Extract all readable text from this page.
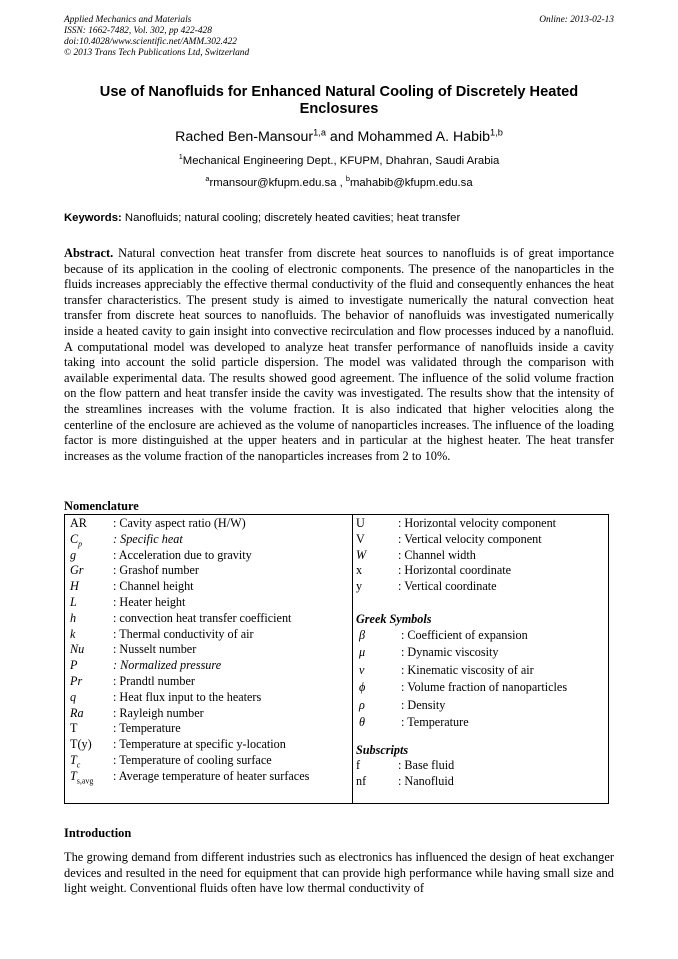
Applied Mechanics and Materials
ISSN: 1662-7482, Vol. 302, pp 422-428
doi:10.4028/www.scientific.net/AMM.302.422
© 2013 Trans Tech Publications Ltd, Switzerland
Online: 2013-02-13
Use of Nanofluids for Enhanced Natural Cooling of Discretely Heated Enclosures
Rached Ben-Mansour$^{1,a}$ and Mohammed A. Habib$^{1,b}$
$^1$Mechanical Engineering Dept., KFUPM, Dhahran, Saudi Arabia
$^a$rmansour@kfupm.edu.sa , $^b$mahabib@kfupm.edu.sa
Keywords: Nanofluids; natural cooling; discretely heated cavities; heat transfer

Abstract. Natural convection heat transfer from discrete heat sources to nanofluids is of great importance because of its application in the cooling of electronic components. The presence of the nanoparticles in the fluids increases appreciably the effective thermal conductivity of the fluid and consequently enhances the heat transfer characteristics. The present study is aimed to investigate numerically the natural convection heat transfer from discrete heat sources to nanofluids. The behavior of nanofluids was investigated numerically inside a heated cavity to gain insight into convective recirculation and flow processes induced by a nanofluid. A computational model was developed to analyze heat transfer performance of nanofluids inside a cavity taking into account the solid particle dispersion. The model was validated through the comparison with available experimental data. The results showed good agreement. The influence of the solid volume fraction on the flow pattern and heat transfer inside the cavity was investigated. The results show that the intensity of the streamlines increases with the volume fraction. It is also indicated that higher velocities along the centerline of the enclosure are achieved as the volume of nanoparticles increases. The influence of the loading factor is more distinguished at the upper heaters and in particular at the highest heater. The heat transfer increases as the volume fraction of the nanoparticles increases from 2 to 10%.

Nomenclature
AR	: Cavity aspect ratio (H/W)
$C_p$	: Specific heat
g	: Acceleration due to gravity
Gr	: Grashof number
H	: Channel height
L	: Heater height
h	: convection heat transfer coefficient
k	: Thermal conductivity of air
Nu	: Nusselt number
P	: Normalized pressure
Pr	: Prandtl number
q	: Heat flux input to the heaters
Ra	: Rayleigh number
T	: Temperature
T(y)	: Temperature at specific y-location
$T_c$	: Temperature of cooling surface
$T_{s,avg}$	: Average temperature of heater surfaces
U	: Horizontal velocity component
V	: Vertical velocity component
W	: Channel width
x	: Horizontal coordinate
y	: Vertical coordinate
Greek Symbols
β	: Coefficient of expansion
μ	: Dynamic viscosity
ν	: Kinematic viscosity of air
ϕ	: Volume fraction of nanoparticles
ρ	: Density
θ	: Temperature
Subscripts
f	: Base fluid
nf	: Nanofluid
Introduction

The growing demand from different industries such as electronics has influenced the design of heat exchanger devices and resulted in the need for equipment that can provide high performance while having small size and light weight. Conventional fluids often have low thermal conductivity of
